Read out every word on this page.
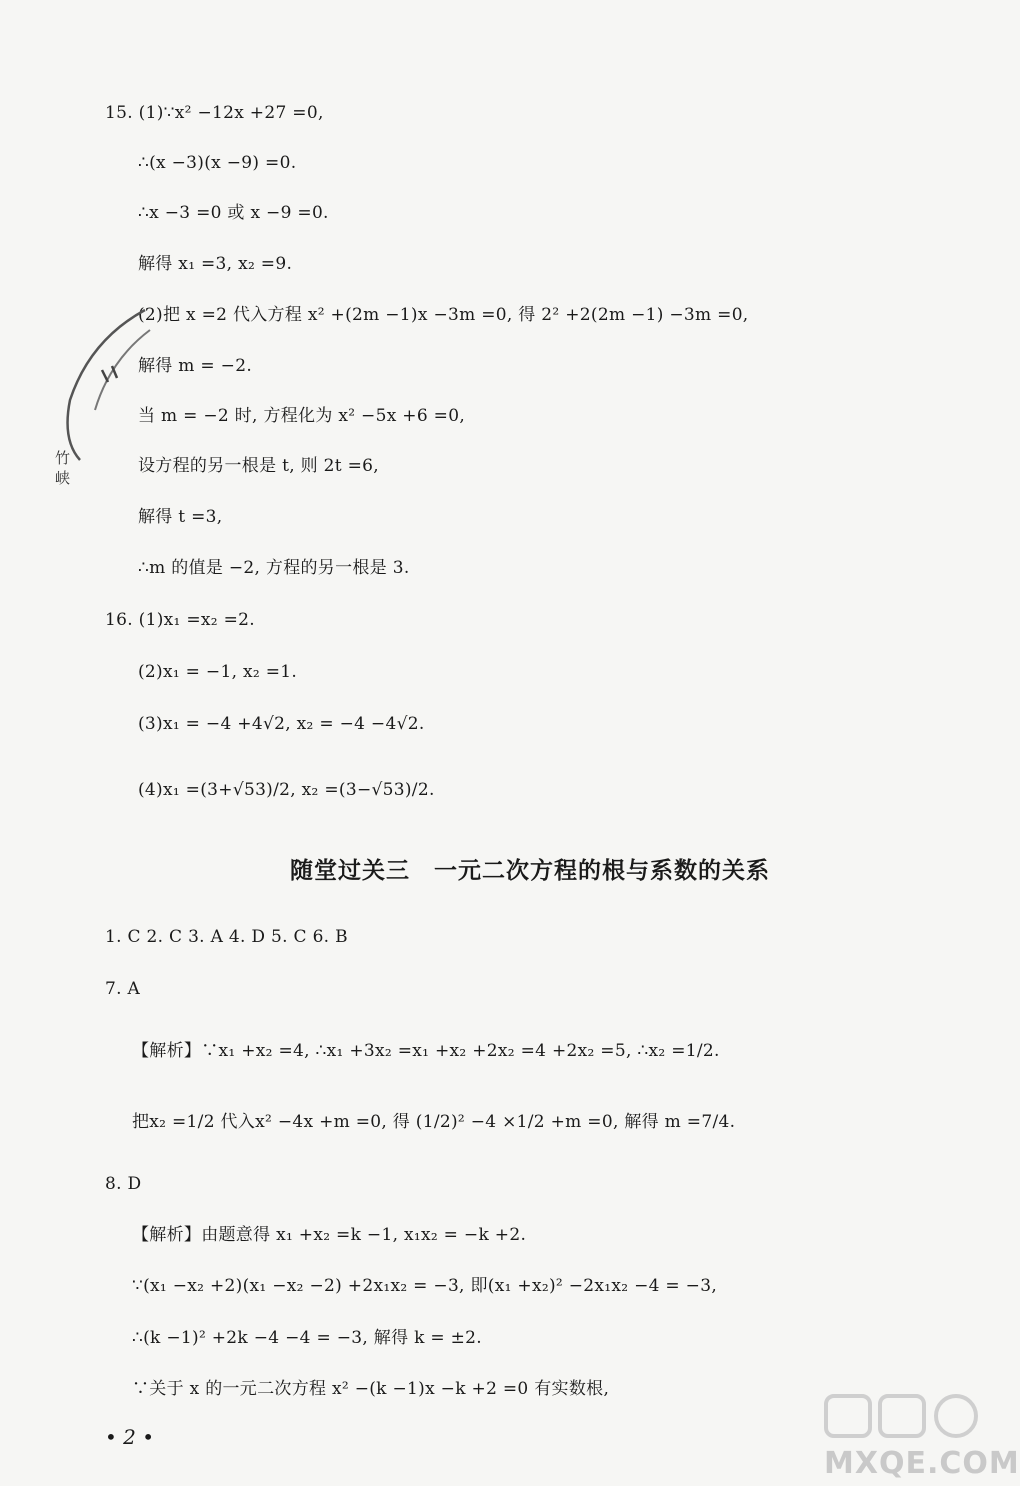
15. (1)∵x² −12x +27 =0,
∴(x −3)(x −9) =0.
∴x −3 =0 或 x −9 =0.
解得 x₁ =3, x₂ =9.
(2)把 x =2 代入方程 x² +(2m −1)x −3m =0, 得 2² +2(2m −1) −3m =0,
解得 m = −2.
当 m = −2 时, 方程化为 x² −5x +6 =0,
设方程的另一根是 t, 则 2t =6,
解得 t =3,
∴m 的值是 −2, 方程的另一根是 3.
16. (1)x₁ =x₂ =2.
(2)x₁ = −1, x₂ =1.
(3)x₁ = −4 +4√2, x₂ = −4 −4√2.
(4)x₁ =(3+√53)/2, x₂ =(3−√53)/2.
随堂过关三　一元二次方程的根与系数的关系
1. C 2. C 3. A 4. D 5. C 6. B
7. A
【解析】∵x₁ +x₂ =4, ∴x₁ +3x₂ =x₁ +x₂ +2x₂ =4 +2x₂ =5, ∴x₂ =1/2.
把x₂ =1/2 代入x² −4x +m =0, 得 (1/2)² −4 ×1/2 +m =0, 解得 m =7/4.
8. D
【解析】由题意得 x₁ +x₂ =k −1, x₁x₂ = −k +2.
∵(x₁ −x₂ +2)(x₁ −x₂ −2) +2x₁x₂ = −3, 即(x₁ +x₂)² −2x₁x₂ −4 = −3,
∴(k −1)² +2k −4 −4 = −3, 解得 k = ±2.
∵关于 x 的一元二次方程 x² −(k −1)x −k +2 =0 有实数根,
• 2 •
竹
峡
MXQE.COM
